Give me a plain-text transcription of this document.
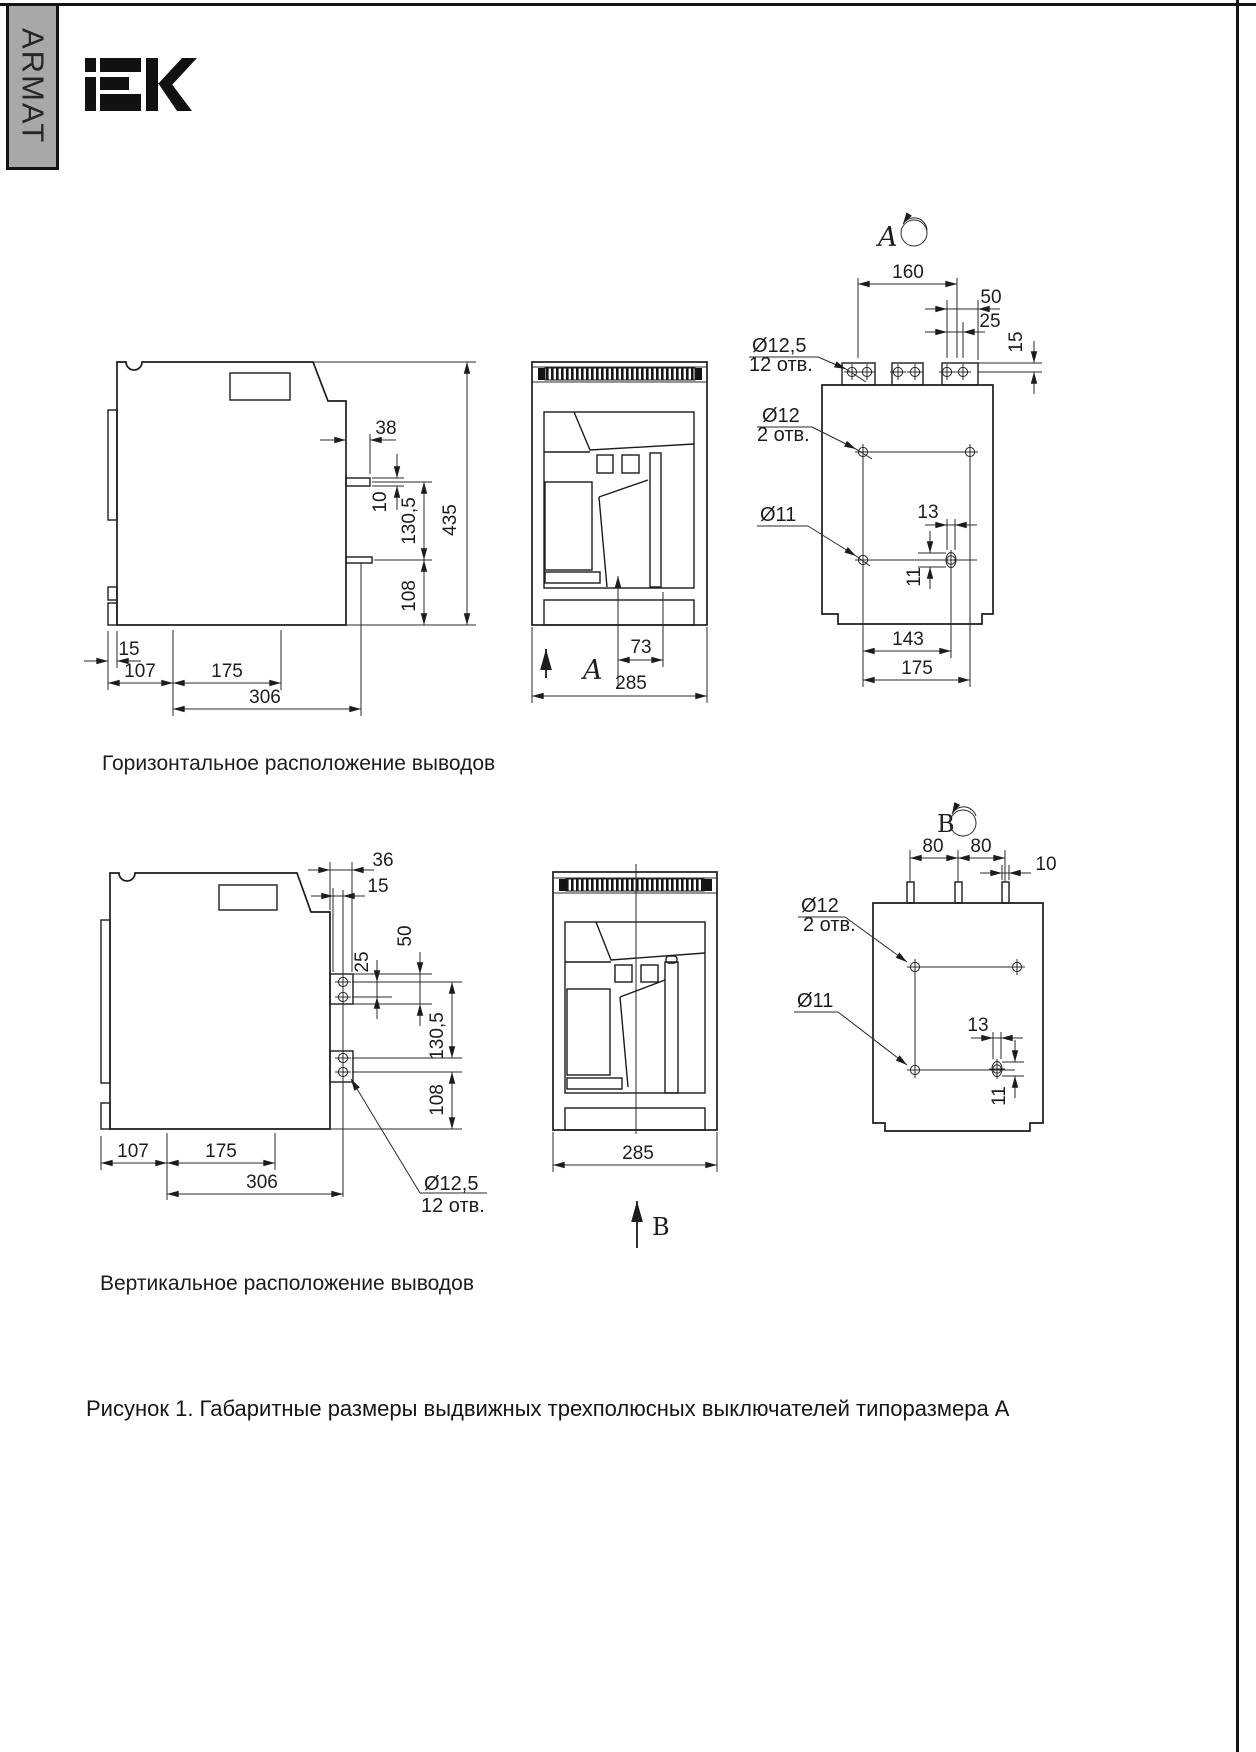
ARMAT
Горизонтальное расположение выводов
Вертикальное расположение выводов
Рисунок 1. Габаритные размеры выдвижных трехполюсных выключателей типоразмера А
38
10 130,5
108
435
15
107	175
306
73
A 285
A
160
50
25
15
Ø12,5
12 отв.
Ø12
2 отв.
Ø11	13
11
143
175
36
15
50
25
130,5
108
Ø12,5
12 отв.
107	175
306
285
B
B
80 80
10
Ø12
2 отв.
Ø11
13
11
